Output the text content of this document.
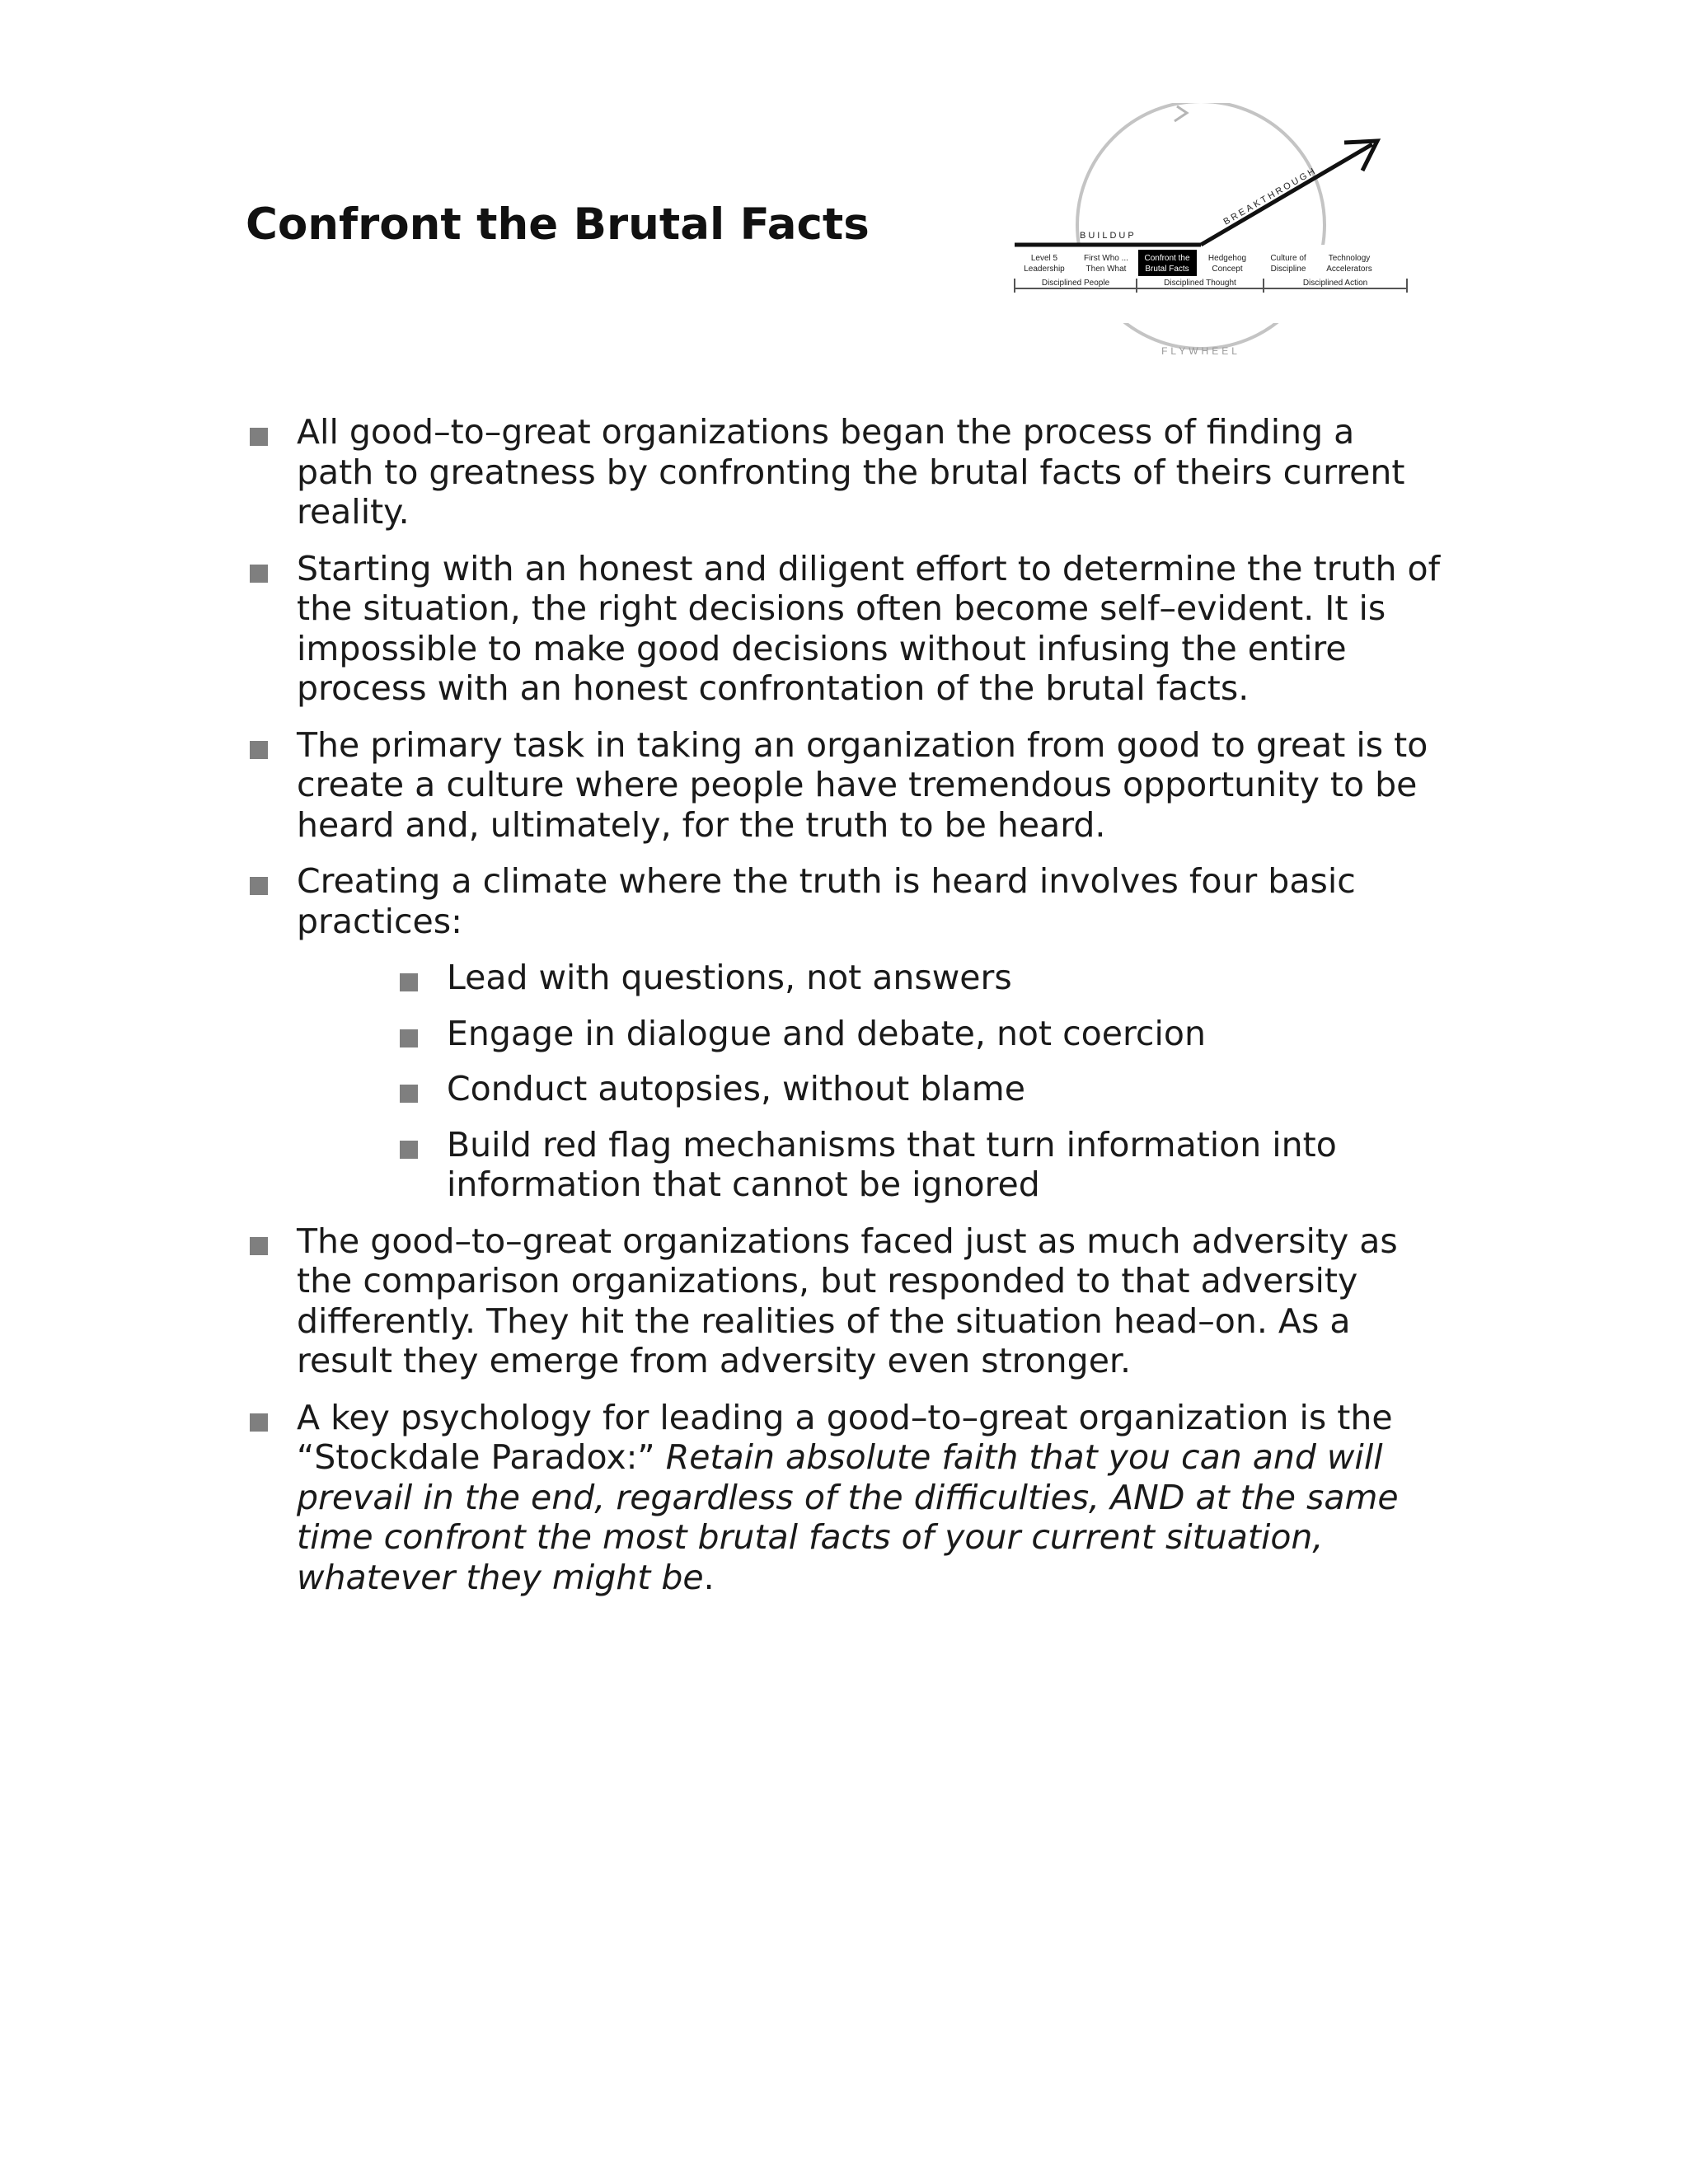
Confront the Brutal Facts	BUILDUP
BREAKTHROUGH
FLYWHEEL
Level 5
Leadership
First Who ...
Then What
Confront the
Brutal Facts
Hedgehog
Concept
Culture of
Discipline
Technology
Accelerators
Disciplined People	Disciplined Thought	Disciplined Action
All good–to–great organizations began the process of finding a path to greatness by confronting the brutal facts of theirs current reality.
Starting with an honest and diligent effort to determine the truth of the situation, the right decisions often become self–evident. It is impossible to make good decisions without infusing the entire process with an honest confrontation of the brutal facts.
The primary task in taking an organization from good to great is to create a culture where people have tremendous opportunity to be heard and, ultimately, for the truth to be heard.
Creating a climate where the truth is heard involves four basic practices:
Lead with questions, not answers
Engage in dialogue and debate, not coercion
Conduct autopsies, without blame
Build red flag mechanisms that turn information into information that cannot be ignored
The good–to–great organizations faced just as much adversity as the comparison organizations, but responded to that adversity differently. They hit the realities of the situation head–on. As a result they emerge from adversity even stronger.
A key psychology for leading a good–to–great organization is the “Stockdale Paradox:” Retain absolute faith that you can and will prevail in the end, regardless of the difficulties, AND at the same time confront the most brutal facts of your current situation, whatever they might be.
